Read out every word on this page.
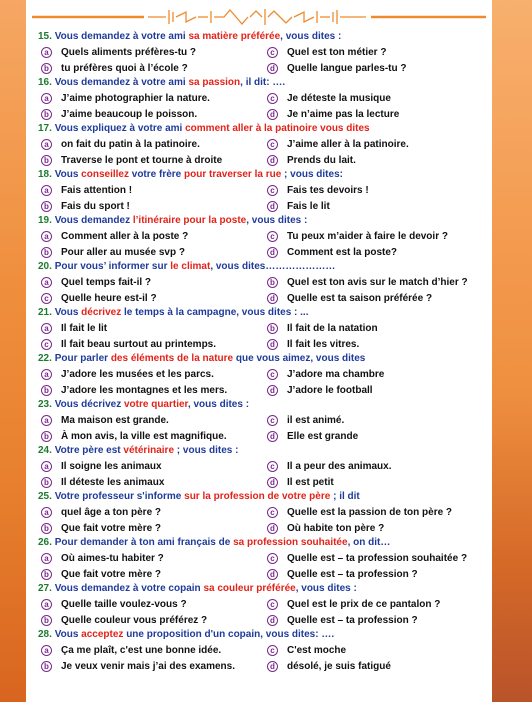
15. Vous demandez à votre ami sa matière préférée, vous dites :
a	Quels aliments préfères-tu ?	c	Quel est ton métier ?
b	tu préfères quoi à l’école ?	d	Quelle langue parles-tu ?
16. Vous demandez à votre ami sa passion, il dit: ….
a	J’aime photographier la nature.	c	Je déteste la musique
b	J’aime beaucoup le poisson.	d	Je n’aime pas la lecture
17. Vous expliquez à votre ami comment aller à la patinoire vous dites
a	on fait du patin à la patinoire.	c	J’aime aller à la patinoire.
b	Traverse le pont et tourne à droite	d	Prends du lait.
18. Vous conseillez votre frère pour traverser la rue ; vous dites:
a	Fais attention !	c	Fais tes devoirs !
b	Fais du sport !	d	Fais le lit
19. Vous demandez l’itinéraire pour la poste, vous dites :
a	Comment aller à la poste ?	c	Tu peux m’aider à faire le devoir ?
b	Pour aller au musée svp ?	d	Comment est la poste?
20. Pour vous’ informer sur le climat, vous dites…………………
a	Quel temps fait-il ?	b	Quel est ton avis sur le match d’hier ?
c	Quelle heure est-il ?	d	Quelle est ta saison préférée ?
21. Vous décrivez le temps à la campagne, vous dites : ...
a	Il fait le lit	b	Il fait de la natation
c	Il fait beau surtout au printemps.	d	Il fait les vitres.
22. Pour parler des éléments de la nature que vous aimez, vous dites
a	J’adore les musées et les parcs.	c	J’adore ma chambre
b	J’adore les montagnes et les mers.	d	J’adore le football
23. Vous décrivez votre quartier, vous dites :
a	Ma maison est grande.	c	il est animé.
b	À mon avis, la ville est magnifique.	d	Elle est grande
24. Votre père est vétérinaire ; vous dites :
a	Il soigne les animaux	c	Il a peur des animaux.
b	Il déteste les animaux	d	Il est petit
25. Votre professeur s'informe sur la profession de votre père ; il dit
a	quel âge a ton père ?	c	Quelle est la passion de ton père ?
b	Que fait votre mère ?	d	Où habite ton père ?
26. Pour demander à ton ami français de sa profession souhaitée, on dit…
a	Où aimes-tu habiter ?	c	Quelle est – ta profession souhaitée ?
b	Que fait votre mère ?	d	Quelle est – ta profession ?
27. Vous demandez à votre copain sa couleur préférée, vous dites :
a	Quelle taille voulez-vous ?	c	Quel est le prix de ce pantalon ?
b	Quelle couleur vous préférez ?	d	Quelle est – ta profession ?
28. Vous acceptez une proposition d'un copain, vous dites: ….
a	Ça me plaît, c'est une bonne idée.	c	C'est moche
b	Je veux venir mais j’ai des examens.	d	désolé, je suis fatigué
